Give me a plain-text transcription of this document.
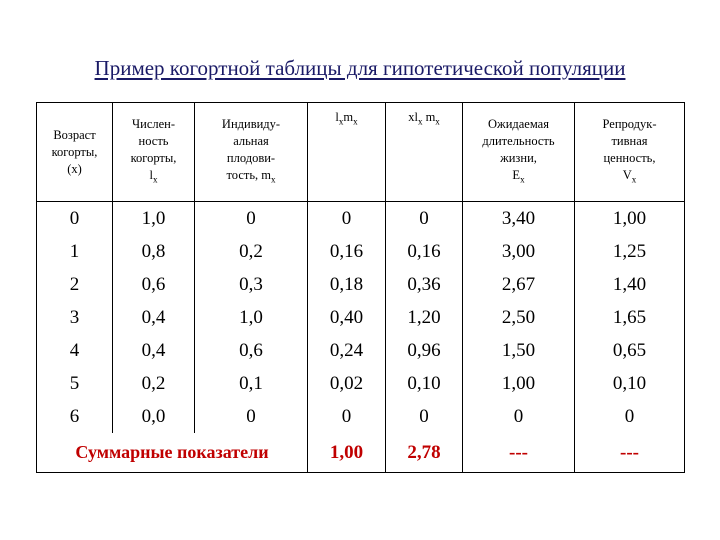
Пример когортной таблицы для гипотетической популяции
Возраст
когорты,
(x)	Числен-
ность
когорты,
$l_x$	Индивиду-
альная
плодови-
тость, $m_x$	$l_xm_x$	$xl_x$ $m_x$	Ожидаемая
длительность
жизни,
$E_x$	Репродук-
тивная
ценность,
$V_x$
0	1,0	0	0	0	3,40	1,00
1	0,8	0,2	0,16	0,16	3,00	1,25
2	0,6	0,3	0,18	0,36	2,67	1,40
3	0,4	1,0	0,40	1,20	2,50	1,65
4	0,4	0,6	0,24	0,96	1,50	0,65
5	0,2	0,1	0,02	0,10	1,00	0,10
6	0,0	0	0	0	0	0
Суммарные показатели			1,00	2,78	---	---
